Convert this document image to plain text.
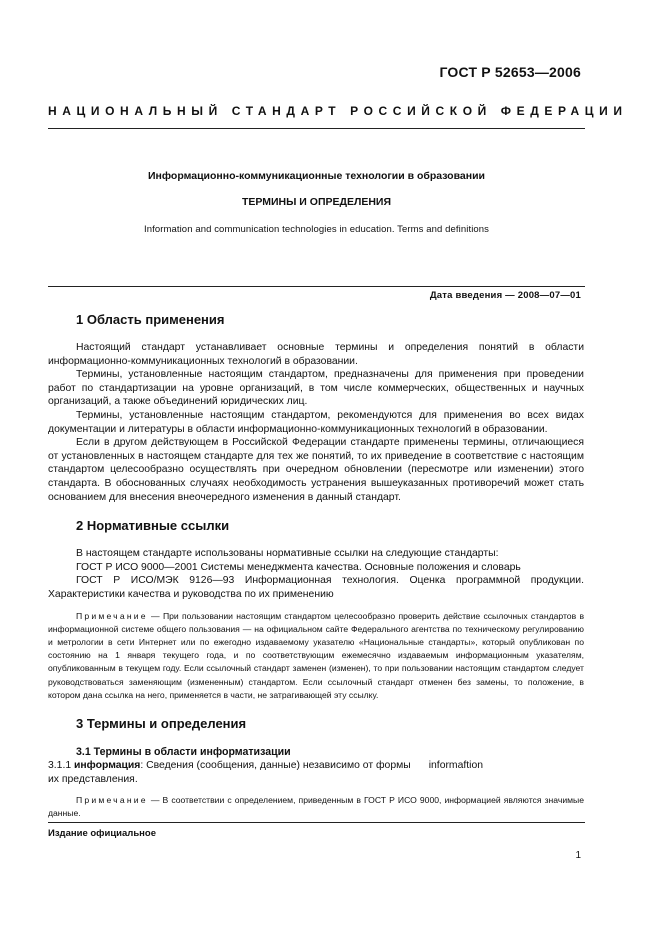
ГОСТ Р 52653—2006
НАЦИОНАЛЬНЫЙ СТАНДАРТ РОССИЙСКОЙ ФЕДЕРАЦИИ
Информационно-коммуникационные технологии в образовании
ТЕРМИНЫ И ОПРЕДЕЛЕНИЯ
Information and communication technologies in education. Terms and definitions
Дата введения — 2008—07—01
1 Область применения

Настоящий стандарт устанавливает основные термины и определения понятий в области информационно-коммуникационных технологий в образовании.

Термины, установленные настоящим стандартом, предназначены для применения при проведении работ по стандартизации на уровне организаций, в том числе коммерческих, общественных и научных организаций, а также объединений юридических лиц.

Термины, установленные настоящим стандартом, рекомендуются для применения во всех видах документации и литературы в области информационно-коммуникационных технологий в образовании.

Если в другом действующем в Российской Федерации стандарте применены термины, отличающиеся от установленных в настоящем стандарте для тех же понятий, то их приведение в соответствие с настоящим стандартом целесообразно осуществлять при очередном обновлении (пересмотре или изменении) этого стандарта. В обоснованных случаях необходимость устранения вышеуказанных противоречий может стать основанием для внесения внеочередного изменения в данный стандарт.

2 Нормативные ссылки

В настоящем стандарте использованы нормативные ссылки на следующие стандарты:

ГОСТ Р ИСО 9000—2001 Системы менеджмента качества. Основные положения и словарь

ГОСТ Р ИСО/МЭК 9126—93 Информационная технология. Оценка программной продукции. Характеристики качества и руководства по их применению

Примечание — При пользовании настоящим стандартом целесообразно проверить действие ссылочных стандартов в информационной системе общего пользования — на официальном сайте Федерального агентства по техническому регулированию и метрологии в сети Интернет или по ежегодно издаваемому указателю «Национальные стандарты», который опубликован по состоянию на 1 января текущего года, и по соответствующим ежемесячно издаваемым информационным указателям, опубликованным в текущем году. Если ссылочный стандарт заменен (изменен), то при пользовании настоящим стандартом следует руководствоваться заменяющим (измененным) стандартом. Если ссылочный стандарт отменен без замены, то положение, в котором дана ссылка на него, применяется в части, не затрагивающей эту ссылку.

3 Термины и определения
3.1 Термины в области информатизации

3.1.1 информация: Сведения (сообщения, данные) независимо от формы informaftion

их представления.

Примечание — В соответствии с определением, приведенным в ГОСТ Р ИСО 9000, информацией являются значимые данные.

Издание официальное
1
